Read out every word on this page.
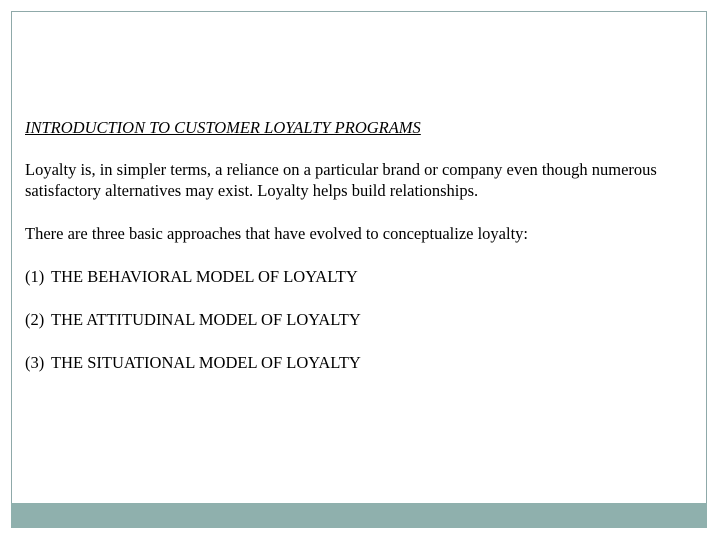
INTRODUCTION TO CUSTOMER LOYALTY PROGRAMS

Loyalty is, in simpler terms, a reliance on a particular brand or company even though numerous

satisfactory alternatives may exist. Loyalty helps build relationships.

There are three basic approaches that have evolved to conceptualize loyalty:

(1) THE BEHAVIORAL MODEL OF LOYALTY
(2) THE ATTITUDINAL MODEL OF LOYALTY
(3) THE SITUATIONAL MODEL OF LOYALTY
